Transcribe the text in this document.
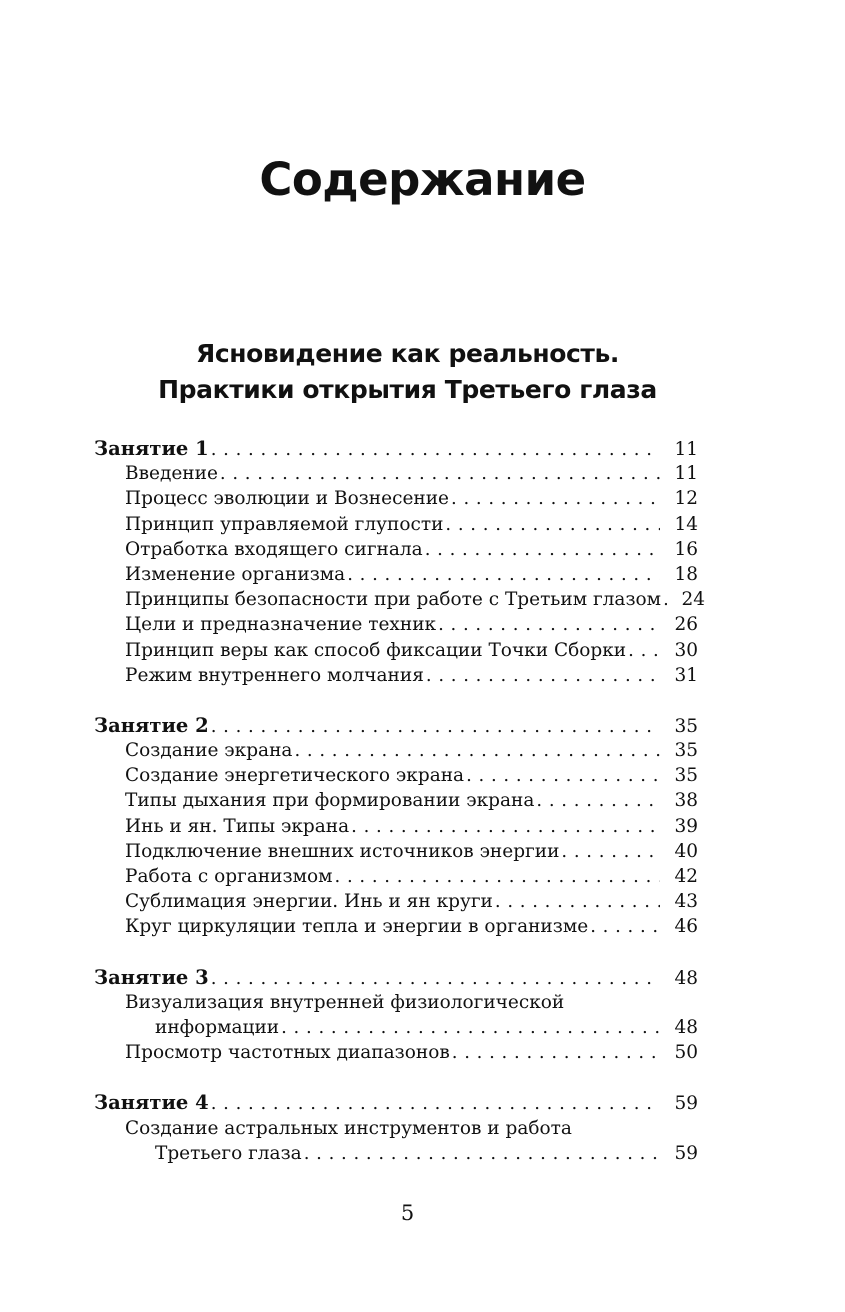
Содержание
Ясновидение как реальность.
Практики открытия Третьего глаза
Занятие 1 . . .	11
Введение . . .	11
Процесс эволюции и Вознесение . . .	12
Принцип управляемой глупости . . .	14
Отработка входящего сигнала . . .	16
Изменение организма . . .	18
Принципы безопасности при работе с Третьим глазом . . .	24
Цели и предназначение техник . . .	26
Принцип веры как способ фиксации Точки Сборки . . .	30
Режим внутреннего молчания . . .	31
Занятие 2 . . .	35
Создание экрана . . .	35
Создание энергетического экрана . . .	35
Типы дыхания при формировании экрана . . .	38
Инь и ян. Типы экрана . . .	39
Подключение внешних источников энергии . . .	40
Работа с организмом . . .	42
Сублимация энергии. Инь и ян круги . . .	43
Круг циркуляции тепла и энергии в организме . . .	46
Занятие 3 . . .	48
Визуализация внутренней физиологической
информации . . .	48
Просмотр частотных диапазонов . . .	50
Занятие 4 . . .	59
Создание астральных инструментов и работа
Третьего глаза . . .	59
5
